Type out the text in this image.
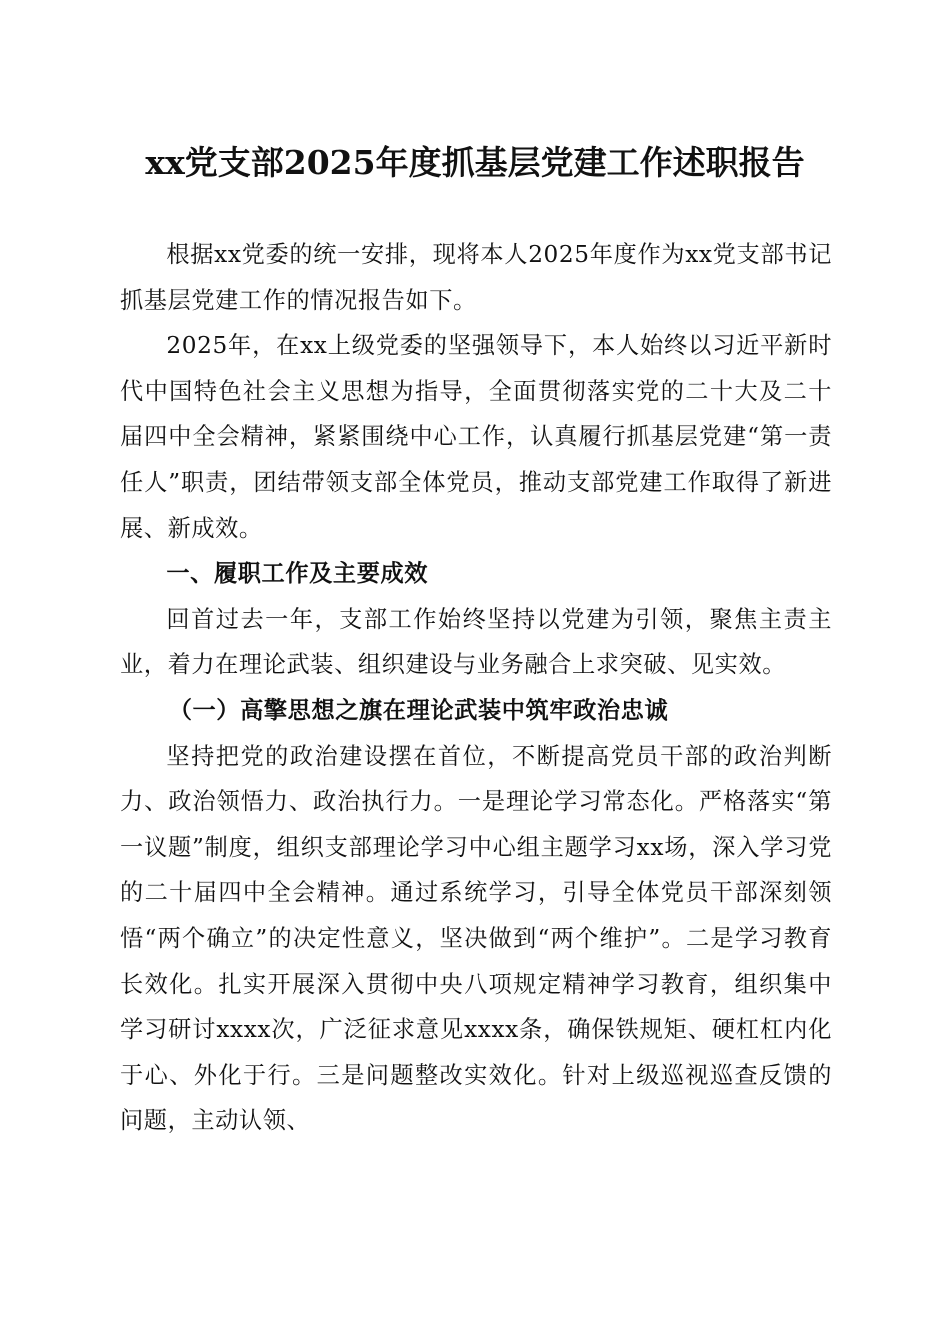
xx党支部2025年度抓基层党建工作述职报告

根据xx党委的统一安排，现将本人2025年度作为xx党支部书记抓基层党建工作的情况报告如下。

2025年，在xx上级党委的坚强领导下，本人始终以习近平新时代中国特色社会主义思想为指导，全面贯彻落实党的二十大及二十届四中全会精神，紧紧围绕中心工作，认真履行抓基层党建“第一责任人”职责，团结带领支部全体党员，推动支部党建工作取得了新进展、新成效。

一、履职工作及主要成效

回首过去一年，支部工作始终坚持以党建为引领，聚焦主责主业，着力在理论武装、组织建设与业务融合上求突破、见实效。

（一）高擎思想之旗在理论武装中筑牢政治忠诚

坚持把党的政治建设摆在首位，不断提高党员干部的政治判断力、政治领悟力、政治执行力。一是理论学习常态化。严格落实“第一议题”制度，组织支部理论学习中心组主题学习xx场，深入学习党的二十届四中全会精神。通过系统学习，引导全体党员干部深刻领悟“两个确立”的决定性意义，坚决做到“两个维护”。二是学习教育长效化。扎实开展深入贯彻中央八项规定精神学习教育，组织集中学习研讨xxxx次，广泛征求意见xxxx条，确保铁规矩、硬杠杠内化于心、外化于行。三是问题整改实效化。针对上级巡视巡查反馈的问题，主动认领、
